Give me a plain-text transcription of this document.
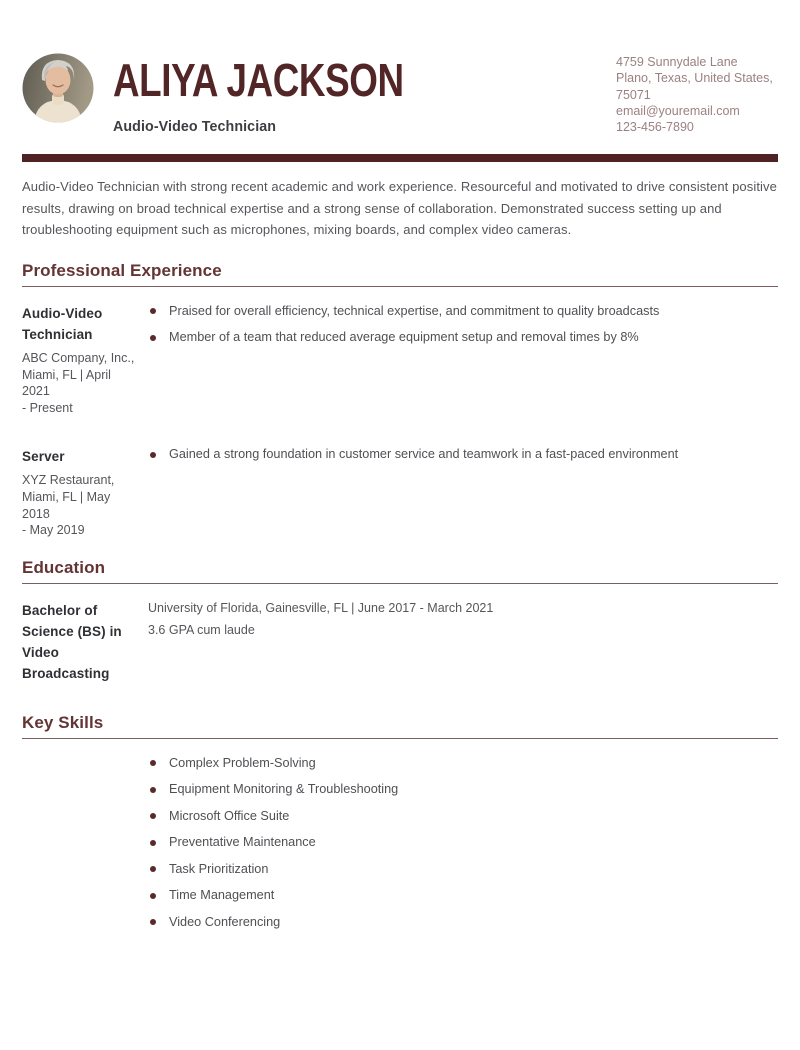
ALIYA JACKSON
Audio-Video Technician
4759 Sunnydale Lane
Plano, Texas, United States,
75071
email@youremail.com
123-456-7890

Audio-Video Technician with strong recent academic and work experience. Resourceful and motivated to drive consistent positive results, drawing on broad technical expertise and a strong sense of collaboration. Demonstrated success setting up and troubleshooting equipment such as microphones, mixing boards, and complex video cameras.

Professional Experience
Audio-Video Technician
ABC Company, Inc.,
Miami, FL | April 2021
- Present
Praised for overall efficiency, technical expertise, and commitment to quality broadcasts
Member of a team that reduced average equipment setup and removal times by 8%
Server
XYZ Restaurant,
Miami, FL | May 2018
- May 2019
Gained a strong foundation in customer service and teamwork in a fast-paced environment
Education
Bachelor of Science (BS) in Video Broadcasting
University of Florida, Gainesville, FL | June 2017 - March 2021
3.6 GPA cum laude
Key Skills
Complex Problem-Solving
Equipment Monitoring & Troubleshooting
Microsoft Office Suite
Preventative Maintenance
Task Prioritization
Time Management
Video Conferencing
